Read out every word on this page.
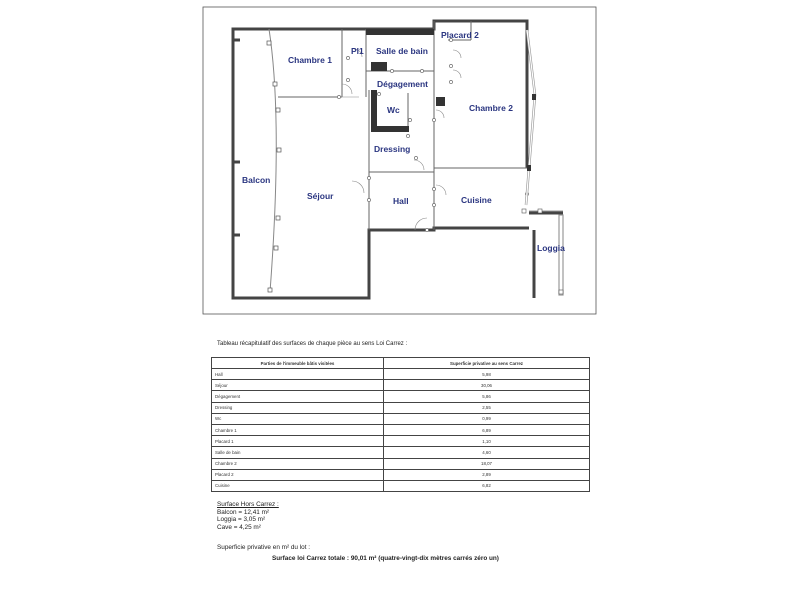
Chambre 1
Pl1 Salle de bain
Placard 2
Dégagement
Chambre 2
Wc
Dressing
Balcon
Séjour	Hall	Cuisine
Loggia
Tableau récapitulatif des surfaces de chaque pièce au sens Loi Carrez :
Parties de l'immeuble bâtis visitées	Superficie privative au sens Carrez
Hall	5,98
Séjour	30,06
Dégagement	5,86
Dressing	2,55
Wc	0,99
Chambre 1	6,89
Placard 1	1,10
Salle de bain	4,60
Chambre 2	18,07
Placard 2	2,89
Cuisine	6,82
Surface Hors Carrez :
Balcon = 12,41 m²
Loggia = 3,05 m²
Cave = 4,25 m²
Superficie privative en m² du lot :
Surface loi Carrez totale : 90,01 m² (quatre-vingt-dix mètres carrés zéro un)
